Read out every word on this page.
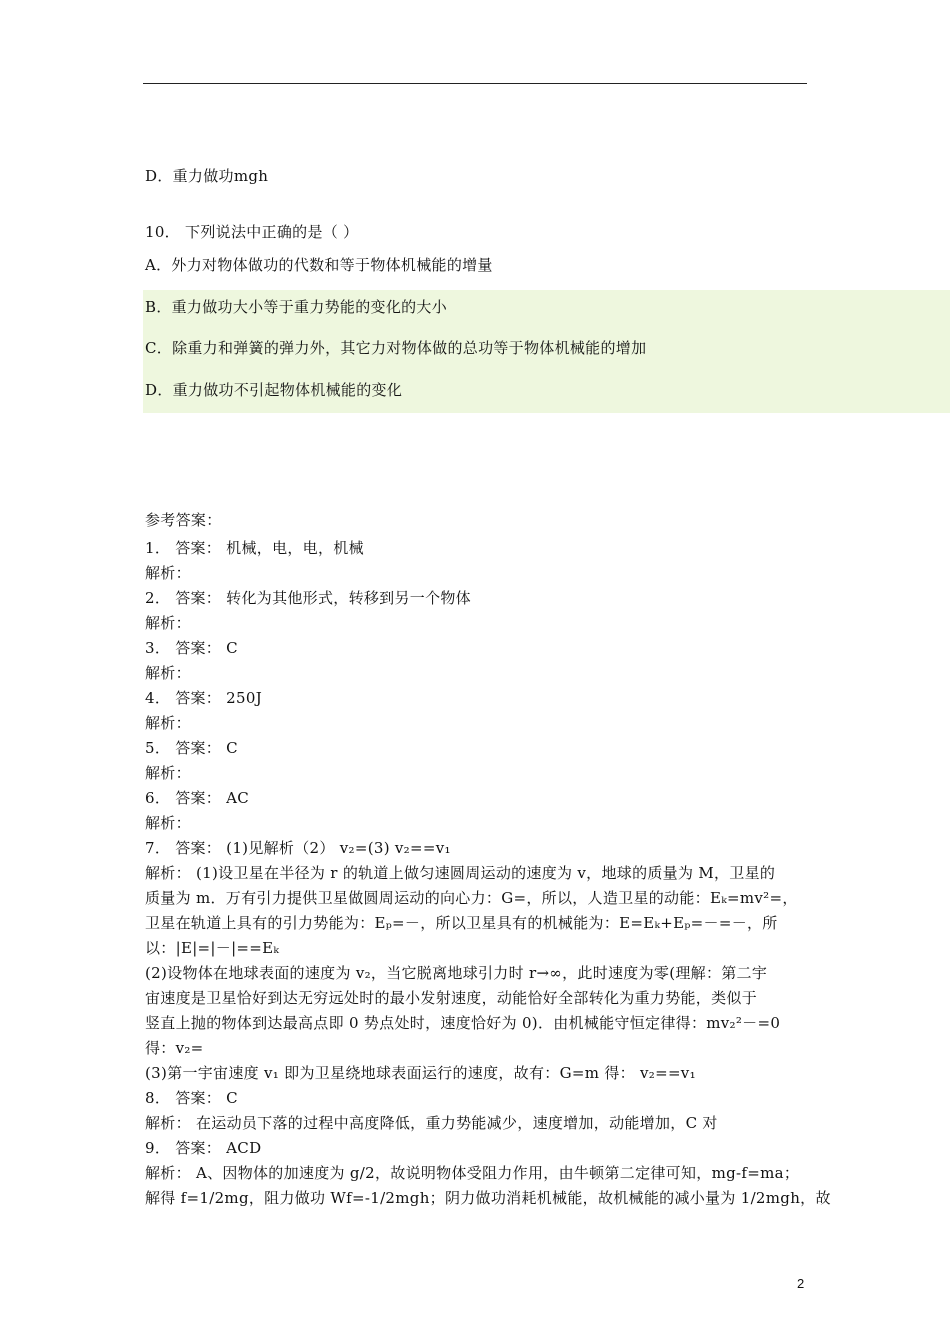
D．重力做功mgh
10． 下列说法中正确的是（ ）
A．外力对物体做功的代数和等于物体机械能的增量
B．重力做功大小等于重力势能的变化的大小
C．除重力和弹簧的弹力外，其它力对物体做的总功等于物体机械能的增加
D．重力做功不引起物体机械能的变化
参考答案：
1． 答案： 机械，电，电，机械
解析：
2． 答案： 转化为其他形式，转移到另一个物体
解析：
3． 答案： C
解析：
4． 答案： 250J
解析：
5． 答案： C
解析：
6． 答案： AC
解析：
7． 答案： (1)见解析（2） v₂=(3) v₂==v₁
解析： (1)设卫星在半径为 r 的轨道上做匀速圆周运动的速度为 v，地球的质量为 M，卫星的
质量为 m．万有引力提供卫星做圆周运动的向心力：G=，所以，人造卫星的动能：Eₖ=mv²=，
卫星在轨道上具有的引力势能为：Eₚ=－，所以卫星具有的机械能为：E=Eₖ+Eₚ=－=－，所
以：|E|=|－|==Eₖ
(2)设物体在地球表面的速度为 v₂，当它脱离地球引力时 r→∞，此时速度为零(理解：第二宇
宙速度是卫星恰好到达无穷远处时的最小发射速度，动能恰好全部转化为重力势能，类似于
竖直上抛的物体到达最高点即 0 势点处时，速度恰好为 0)．由机械能守恒定律得：mv₂²－=0
得：v₂=
(3)第一宇宙速度 v₁ 即为卫星绕地球表面运行的速度，故有：G=m 得： v₂==v₁
8． 答案： C
解析： 在运动员下落的过程中高度降低，重力势能减少，速度增加，动能增加，C 对
9． 答案： ACD
解析： A、因物体的加速度为 g/2，故说明物体受阻力作用，由牛顿第二定律可知，mg-f=ma；
解得 f=1/2mg，阻力做功 Wf=-1/2mgh；阴力做功消耗机械能，故机械能的减小量为 1/2mgh，故
2
